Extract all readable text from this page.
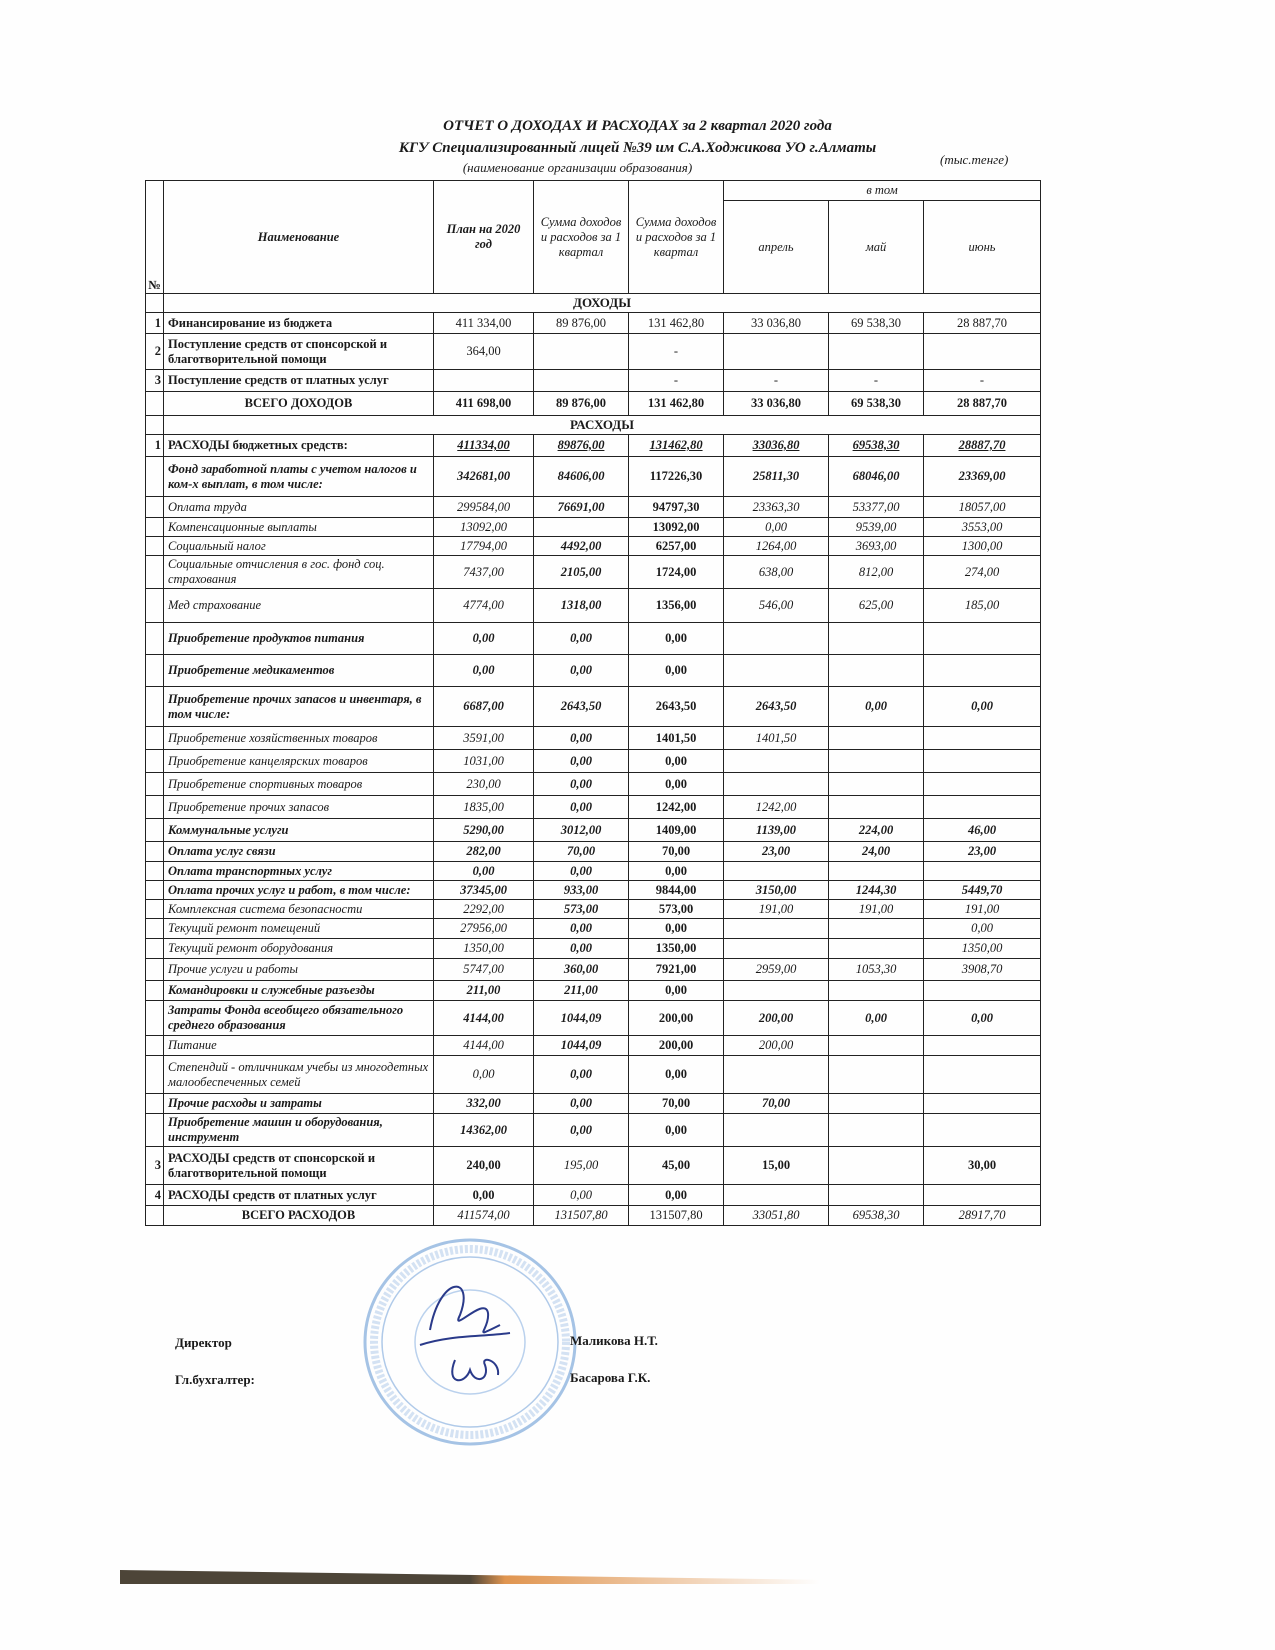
ОТЧЕТ О ДОХОДАХ И РАСХОДАХ за 2 квартал 2020 года
КГУ Специализированный лицей №39 им С.А.Ходжикова УО г.Алматы
(наименование организации образования)
(тыс.тенге)
№	Наименование	План на 2020 год	Сумма доходов и расходов за 1 квартал	Сумма доходов и расходов за 1 квартал	в том		
					апрель	май	июнь
	ДОХОДЫ						
1	Финансирование из бюджета	411 334,00	89 876,00	131 462,80	33 036,80	69 538,30	28 887,70
2	Поступление средств от спонсорской и благотворительной помощи	364,00		-			
3	Поступление средств от платных услуг			-	-	-	-
	ВСЕГО ДОХОДОВ	411 698,00	89 876,00	131 462,80	33 036,80	69 538,30	28 887,70
	РАСХОДЫ						
1	РАСХОДЫ бюджетных средств:	411334,00	89876,00	131462,80	33036,80	69538,30	28887,70
	Фонд заработной платы с учетом налогов и ком-х выплат, в том числе:	342681,00	84606,00	117226,30	25811,30	68046,00	23369,00
	Оплата труда	299584,00	76691,00	94797,30	23363,30	53377,00	18057,00
	Компенсационные выплаты	13092,00		13092,00	0,00	9539,00	3553,00
	Социальный налог	17794,00	4492,00	6257,00	1264,00	3693,00	1300,00
	Социальные отчисления в гос. фонд соц. страхования	7437,00	2105,00	1724,00	638,00	812,00	274,00
	Мед страхование	4774,00	1318,00	1356,00	546,00	625,00	185,00
	Приобретение продуктов питания	0,00	0,00	0,00			
	Приобретение медикаментов	0,00	0,00	0,00			
	Приобретение прочих запасов и инвентаря, в том числе:	6687,00	2643,50	2643,50	2643,50	0,00	0,00
	Приобретение хозяйственных товаров	3591,00	0,00	1401,50	1401,50		
	Приобретение канцелярских товаров	1031,00	0,00	0,00			
	Приобретение спортивных товаров	230,00	0,00	0,00			
	Приобретение прочих запасов	1835,00	0,00	1242,00	1242,00		
	Коммунальные услуги	5290,00	3012,00	1409,00	1139,00	224,00	46,00
	Оплата услуг связи	282,00	70,00	70,00	23,00	24,00	23,00
	Оплата транспортных услуг	0,00	0,00	0,00			
	Оплата прочих услуг и работ, в том числе:	37345,00	933,00	9844,00	3150,00	1244,30	5449,70
	Комплексная система безопасности	2292,00	573,00	573,00	191,00	191,00	191,00
	Текущий ремонт помещений	27956,00	0,00	0,00			0,00
	Текущий ремонт оборудования	1350,00	0,00	1350,00			1350,00
	Прочие услуги и работы	5747,00	360,00	7921,00	2959,00	1053,30	3908,70
	Командировки и служебные разъезды	211,00	211,00	0,00			
	Затраты Фонда всеобщего обязательного среднего образования	4144,00	1044,09	200,00	200,00	0,00	0,00
	Питание	4144,00	1044,09	200,00	200,00		
	Степендий - отличникам учебы из многодетных малообеспеченных семей	0,00	0,00	0,00			
	Прочие расходы и затраты	332,00	0,00	70,00	70,00		
	Приобретение машин и оборудования, инструмент	14362,00	0,00	0,00			
3	РАСХОДЫ средств от спонсорской и благотворительной помощи	240,00	195,00	45,00	15,00		30,00
4	РАСХОДЫ средств от платных услуг	0,00	0,00	0,00			
	ВСЕГО РАСХОДОВ	411574,00	131507,80	131507,80	33051,80	69538,30	28917,70
Директор	Маликова Н.Т.
Гл.бухгалтер:	Басарова Г.К.
